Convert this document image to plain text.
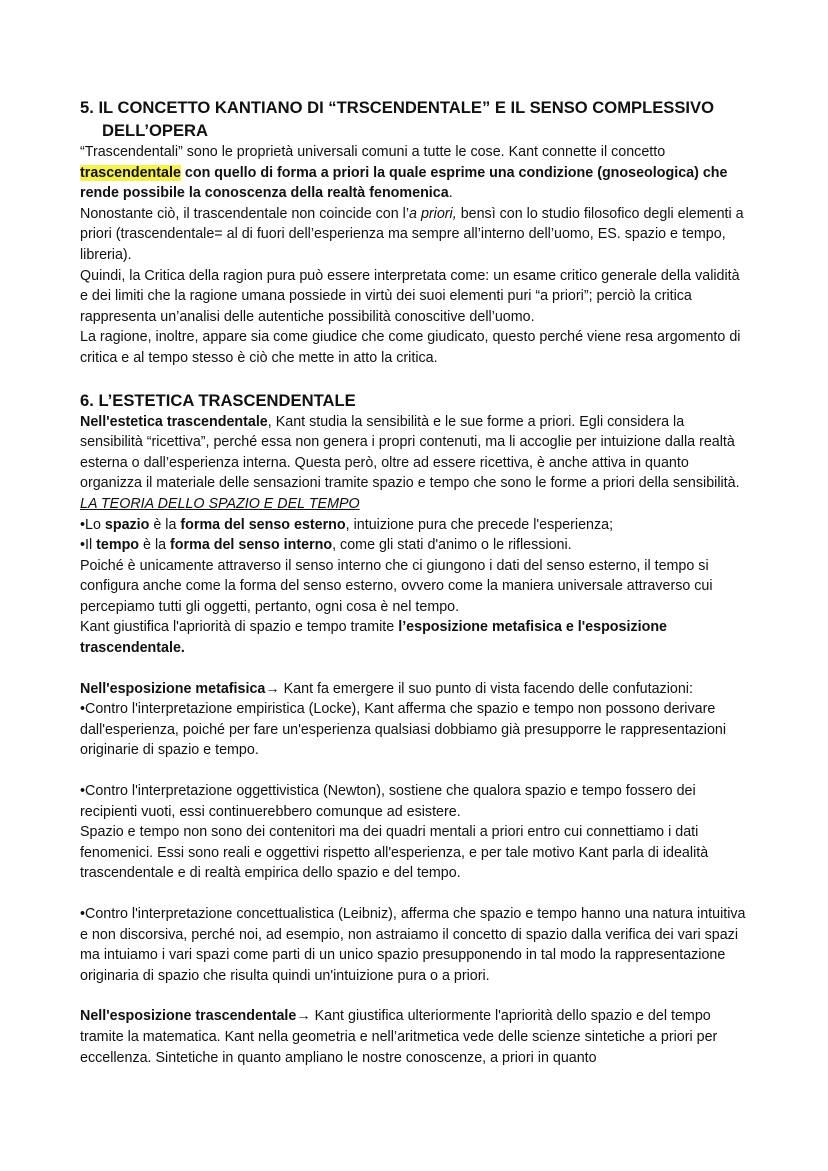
5. IL CONCETTO KANTIANO DI “TRSCENDENTALE” E IL SENSO COMPLESSIVO
DELL’OPERA

“Trascendentali” sono le proprietà universali comuni a tutte le cose. Kant connette il concetto trascendentale con quello di forma a priori la quale esprime una condizione (gnoseologica) che rende possibile la conoscenza della realtà fenomenica.

Nonostante ciò, il trascendentale non coincide con l’a priori, bensì con lo studio filosofico degli elementi a priori (trascendentale= al di fuori dell’esperienza ma sempre all’interno dell’uomo, ES. spazio e tempo, libreria).

Quindi, la Critica della ragion pura può essere interpretata come: un esame critico generale della validità e dei limiti che la ragione umana possiede in virtù dei suoi elementi puri “a priori”; perciò la critica rappresenta un’analisi delle autentiche possibilità conoscitive dell’uomo.

La ragione, inoltre, appare sia come giudice che come giudicato, questo perché viene resa argomento di critica e al tempo stesso è ciò che mette in atto la critica.

6. L’ESTETICA TRASCENDENTALE

Nell'estetica trascendentale, Kant studia la sensibilità e le sue forme a priori. Egli considera la sensibilità “ricettiva”, perché essa non genera i propri contenuti, ma li accoglie per intuizione dalla realtà esterna o dall’esperienza interna. Questa però, oltre ad essere ricettiva, è anche attiva in quanto organizza il materiale delle sensazioni tramite spazio e tempo che sono le forme a priori della sensibilità.

LA TEORIA DELLO SPAZIO E DEL TEMPO

•Lo spazio è la forma del senso esterno, intuizione pura che precede l'esperienza;

•Il tempo è la forma del senso interno, come gli stati d'animo o le riflessioni.

Poiché è unicamente attraverso il senso interno che ci giungono i dati del senso esterno, il tempo si configura anche come la forma del senso esterno, ovvero come la maniera universale attraverso cui percepiamo tutti gli oggetti, pertanto, ogni cosa è nel tempo.

Kant giustifica l'apriorità di spazio e tempo tramite l’esposizione metafisica e l'esposizione trascendentale.

Nell'esposizione metafisica→ Kant fa emergere il suo punto di vista facendo delle confutazioni:

•Contro l'interpretazione empiristica (Locke), Kant afferma che spazio e tempo non possono derivare dall'esperienza, poiché per fare un'esperienza qualsiasi dobbiamo già presupporre le rappresentazioni originarie di spazio e tempo.

•Contro l'interpretazione oggettivistica (Newton), sostiene che qualora spazio e tempo fossero dei recipienti vuoti, essi continuerebbero comunque ad esistere.

Spazio e tempo non sono dei contenitori ma dei quadri mentali a priori entro cui connettiamo i dati fenomenici. Essi sono reali e oggettivi rispetto all'esperienza, e per tale motivo Kant parla di idealità trascendentale e di realtà empirica dello spazio e del tempo.

•Contro l'interpretazione concettualistica (Leibniz), afferma che spazio e tempo hanno una natura intuitiva e non discorsiva, perché noi, ad esempio, non astraiamo il concetto di spazio dalla verifica dei vari spazi ma intuiamo i vari spazi come parti di un unico spazio presupponendo in tal modo la rappresentazione originaria di spazio che risulta quindi un'intuizione pura o a priori.

Nell'esposizione trascendentale→ Kant giustifica ulteriormente l'apriorità dello spazio e del tempo tramite la matematica. Kant nella geometria e nell’aritmetica vede delle scienze sintetiche a priori per eccellenza. Sintetiche in quanto ampliano le nostre conoscenze, a priori in quanto
